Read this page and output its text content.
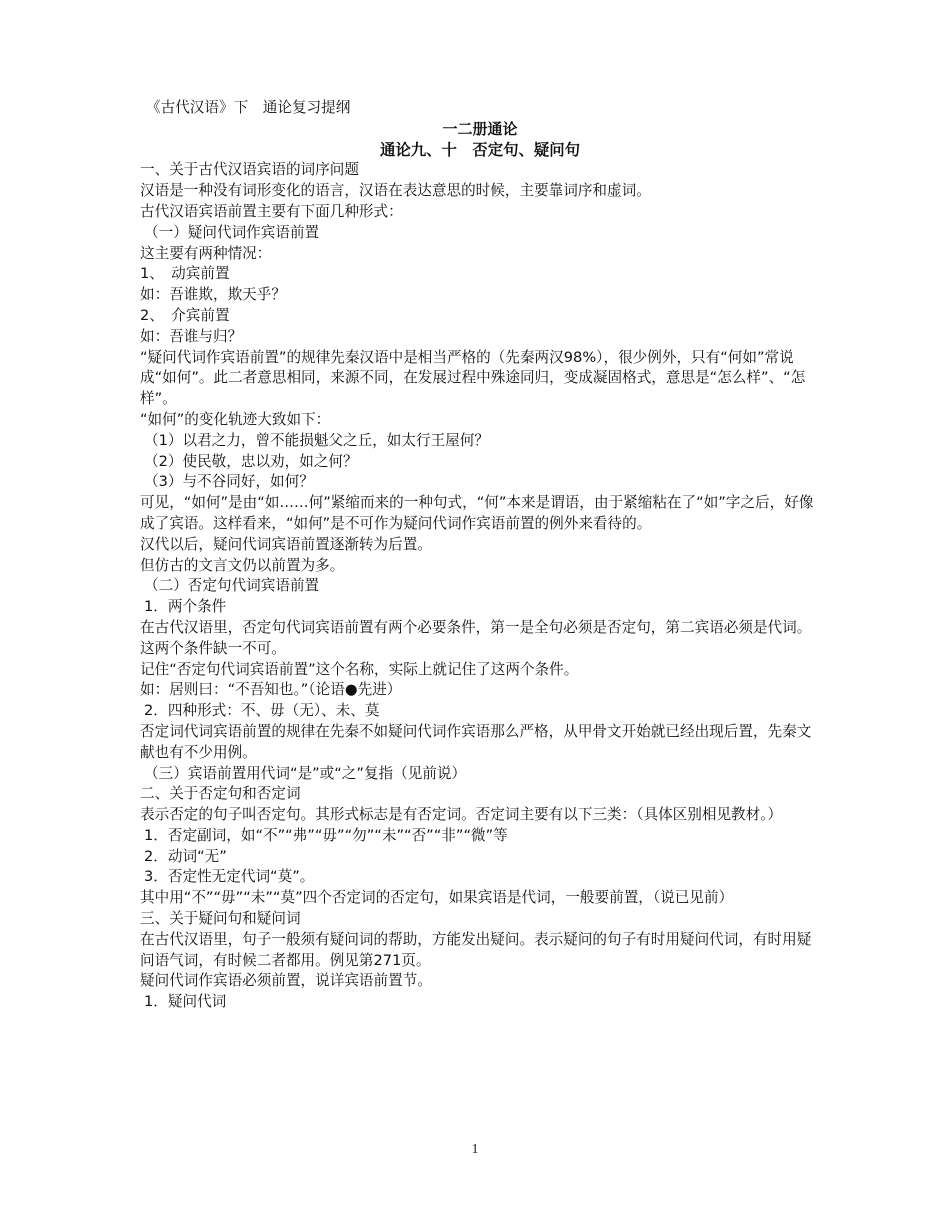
《古代汉语》下　通论复习提纲

一二册通论

通论九、十　否定句、疑问句

一、关于古代汉语宾语的词序问题

汉语是一种没有词形变化的语言，汉语在表达意思的时候，主要靠词序和虚词。

古代汉语宾语前置主要有下面几种形式：

（一）疑问代词作宾语前置

这主要有两种情况：

1、　动宾前置

如：吾谁欺，欺天乎？

2、　介宾前置

如：吾谁与归？

“疑问代词作宾语前置”的规律先秦汉语中是相当严格的（先秦两汉98%），很少例外，只有“何如”常说成“如何”。此二者意思相同，来源不同，在发展过程中殊途同归，变成凝固格式，意思是“怎么样”、“怎样”。

“如何”的变化轨迹大致如下：

（1）以君之力，曾不能损魁父之丘，如太行王屋何？

（2）使民敬，忠以劝，如之何？

（3）与不谷同好，如何？

可见，“如何”是由“如……何”紧缩而来的一种句式，“何”本来是谓语，由于紧缩粘在了“如”字之后，好像成了宾语。这样看来，“如何”是不可作为疑问代词作宾语前置的例外来看待的。

汉代以后，疑问代词宾语前置逐渐转为后置。

但仿古的文言文仍以前置为多。

（二）否定句代词宾语前置

1．两个条件

在古代汉语里，否定句代词宾语前置有两个必要条件，第一是全句必须是否定句，第二宾语必须是代词。这两个条件缺一不可。

记住“否定句代词宾语前置”这个名称，实际上就记住了这两个条件。

如：居则曰：“不吾知也。”（论语●先进）

2．四种形式：不、毋（无）、未、莫

否定词代词宾语前置的规律在先秦不如疑问代词作宾语那么严格，从甲骨文开始就已经出现后置，先秦文献也有不少用例。

（三）宾语前置用代词“是”或“之”复指（见前说）

二、关于否定句和否定词

表示否定的句子叫否定句。其形式标志是有否定词。否定词主要有以下三类：（具体区别相见教材。）

1．否定副词，如“不”“弗”“毋”“勿”“未”“否”“非”“微”等

2．动词“无”

3．否定性无定代词“莫”。

其中用“不”“毋”“未”“莫”四个否定词的否定句，如果宾语是代词，一般要前置，（说已见前）

三、关于疑问句和疑问词

在古代汉语里，句子一般须有疑问词的帮助，方能发出疑问。表示疑问的句子有时用疑问代词，有时用疑问语气词，有时候二者都用。例见第271页。

疑问代词作宾语必须前置，说详宾语前置节。

1．疑问代词

1
